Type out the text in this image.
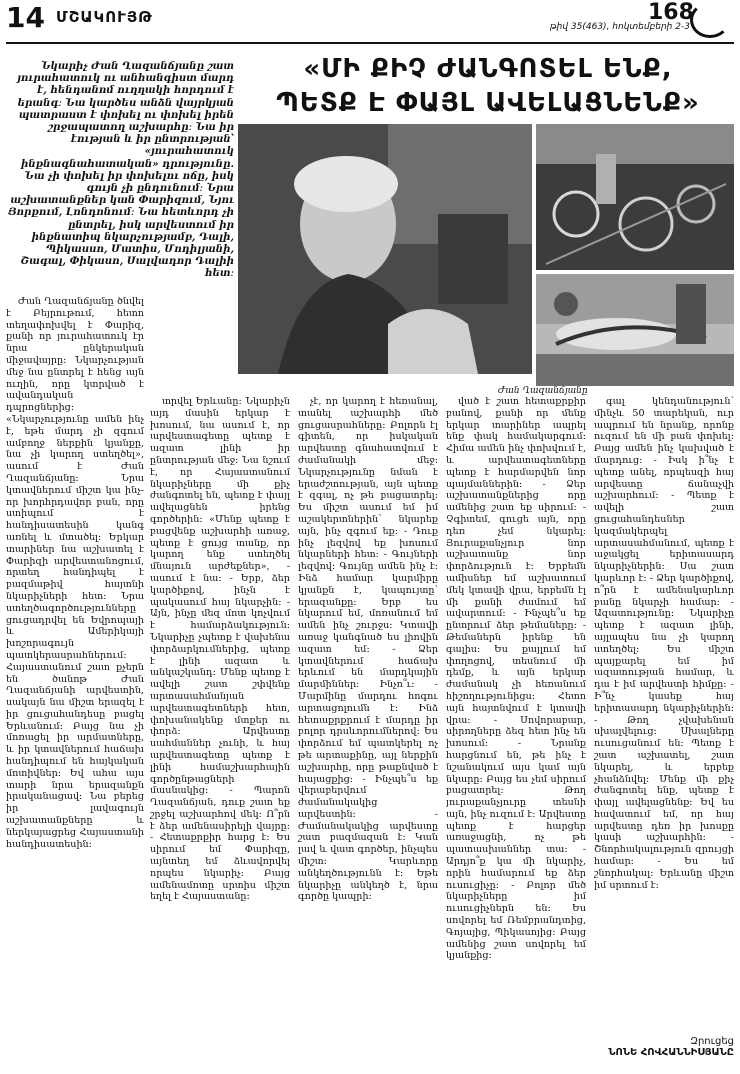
14 ՄՇԱԿՈՒՅԹ
թիվ 35(463), հոկտեմբերի 2-3
168
«ՄԻ ՔԻՉ ԺԱՆԳՈՏԵԼ ԵՆՔ,
ՊԵՏՔ Է ՓԱՅԼ ԱՎԵԼԱՑՆԵՆՔ»
Նկարիչ Ժան Ղազանճյանը շատ յուրահատուկ ու անհանգիստ մարդ է, հենդանոմ ուղղակի հորդում է երանգ։ Նա կարծես անձն վայրկյան պատրաստ է փոխել ու փոխել իրեն շրջապատող աշխարհը։ Նա իր էության և իր ընտրության՝ «յուրահատուկ ինքնագնահատական» դրությունը. Նա չի փոխել իր փոխելու ոճը, իսկ գույն չի ընդունում։ Նրա աշխատանքներ կան Փարիզում, Նյու Յորքում, Լոնդոնում։ Նա հետևորդ չի ընտրել, իսկ արվեստում իր ինքնատիպ նկարչությամբ, Դալի, Պիկասսո, Մատիս, Մոդիլյանի, Շագալ, Փիկասո, Սալվադոր Դալիի հետ։
Ժան Ղազանճյանը

Ժան Ղազանճյանը ծնվել է Բեյրութում, հետո տեղափոխվել է Փարիզ, քանի որ յուրահատուկ էր նրա ընկերական միջավայրը։ Նկարչության մեջ նա ընտրել է հենց այն ուղին, որը կտրված է ավանդական դպրոցներից։ «Նկարչությունը ամեն ինչ է, եթե մարդ չի զգում ամբողջ ներքին կյանքը, նա չի կարող ստեղծել», ասում է Ժան Ղազանճյանը։ Նրա կտավներում միշտ կա ինչ-որ խորհրդավոր բան, որը ստիպում է հանդիսատեսին կանգ առնել և մտածել։ Երկար տարիներ նա աշխատել է Փարիզի արվեստանոցում, որտեղ հանդիպել է բազմաթիվ հայտնի նկարիչների հետ։ Նրա ստեղծագործությունները ցուցադրվել են Եվրոպայի և Ամերիկայի խոշորագույն պատկերասրահներում։ Հայաստանում շատ քչերն են ծանոթ Ժան Ղազանճյանի արվեստին, սակայն նա միշտ երազել է իր ցուցահանդեսը բացել Երևանում։ Բայց նա չի մոռացել իր արմատները, և իր կտավներում հաճախ հանդիպում են հայկական մոտիվներ։ Եվ ահա այս տարի նրա երազանքն իրականացավ։ Նա բերեց իր լավագույն աշխատանքները և ներկայացրեց Հայաստանի հանդիսատեսին։

տրվել Երևանը։ Նկարիչն այդ մասին երկար է խոսում, նա ասում է, որ արվեստագետը պետք է ազատ լինի իր ընտրության մեջ։ Նա նշում է, որ Հայաստանում նկարիչները մի քիչ ժանգոտել են, պետք է փայլ ավելացնեն իրենց գործերին։ «Մենք պետք է բացվենք աշխարհի առաջ, պետք է ցույց տանք, որ կարող ենք ստեղծել մնայուն արժեքներ», - ասում է նա։ - Երբ, ձեր կարծիքով, ինչն է պակասում հայ նկարչին։ - Այն, ինչը մեզ մոտ կոչվում է համարձակություն։ Նկարիչը չպետք է վախենա փորձարկումներից, պետք է լինի ազատ և անկաշկանդ։ Մենք պետք է ավելի շատ շփվենք արտասահմանյան արվեստագետների հետ, փոխանակենք մտքեր ու փորձ։ Արվեստը սահմաններ չունի, և հայ արվեստագետը պետք է լինի համաշխարհային գործընթացների մասնակից։ - Պարոն Ղազանճյան, դուք շատ եք շրջել աշխարհով մեկ։ Ո՞րն է ձեր ամենասիրելի վայրը։ - Հետաքրքիր հարց է։ Ես սիրում եմ Փարիզը, այնտեղ եմ ձևավորվել որպես նկարիչ։ Բայց ամենամոտը սրտիս միշտ եղել է Հայաստանը։

չէ, որ կարող է հեռանալ, տանել աշխարհի մեծ ցուցասրահները։ Բոլորն էլ գիտեն, որ իսկական արվեստը գնահատվում է ժամանակի մեջ։ Նկարչությունը նման է երաժշտության, այն պետք է զգալ, ոչ թե բացատրել։ Ես միշտ ասում եմ իմ աշակերտներին՝ նկարեք այն, ինչ զգում եք։ - Դուք ինչ լեզվով եք խոսում նկարների հետ։ - Գույների լեզվով։ Գույնը ամեն ինչ է։ Ինձ համար կարմիրը կյանքն է, կապույտը՝ երազանքը։ Երբ ես նկարում եմ, մոռանում եմ ամեն ինչ շուրջս։ Կտավի առաջ կանգնած ես լիովին ազատ եմ։ - Ձեր կտավներում հաճախ երևում են մարդկային մարմիններ։ Ինչո՞ւ։ - Մարմինը մարդու հոգու արտացոլումն է։ Ինձ հետաքրքրում է մարդը իր բոլոր դրսևորումներով։ Ես փորձում եմ պատկերել ոչ թե արտաքինը, այլ ներքին աշխարհը, որը թաքնված է հայացքից։ - Ինչպե՞ս եք վերաբերվում ժամանակակից արվեստին։ - Ժամանակակից արվեստը շատ բազմազան է։ Կան լավ և վատ գործեր, ինչպես միշտ։ Կարևորը անկեղծությունն է։ Եթե նկարիչը անկեղծ է, նրա գործը կապրի։

ված է շատ հետաքրքիր բանով, քանի որ մենք երկար տարիներ ապրել ենք փակ համակարգում։ Հիմա ամեն ինչ փոխվում է, և արվեստագետները պետք է հարմարվեն նոր պայմաններին։ - Ձեր աշխատանքներից որը ամենից շատ եք սիրում։ - Չգիտեմ, գուցե այն, որը դեռ չեմ նկարել։ Յուրաքանչյուր նոր աշխատանք նոր փորձություն է։ Երբեմն ամիսներ եմ աշխատում մեկ կտավի վրա, երբեմն էլ մի քանի ժամում եմ ավարտում։ - Ինչպե՞ս եք ընտրում ձեր թեմաները։ - Թեմաներն իրենք են գալիս։ Ես քայլում եմ փողոցով, տեսնում մի դեմք, և այն երկար ժամանակ չի հեռանում հիշողությունիցս։ Հետո այն հայտնվում է կտավի վրա։ - Սովորաբար, սիրողները ձեզ հետ ինչ են խոսում։ - Նրանք հարցնում են, թե ինչ է նշանակում այս կամ այն նկարը։ Բայց ես չեմ սիրում բացատրել։ Թող յուրաքանչյուրը տեսնի այն, ինչ ուզում է։ Արվեստը պետք է հարցեր առաջացնի, ոչ թե պատասխաններ տա։ - Արդյո՞ք կա մի նկարիչ, որին համարում եք ձեր ուսուցիչը։ - Բոլոր մեծ նկարիչները իմ ուսուցիչներն են։ Ես սովորել եմ Ռեմբրանդտից, Գոյայից, Պիկասոյից։ Բայց ամենից շատ սովորել եմ կյանքից։

գալ կենդանություն՝ մինչև 50 տարեկան, ուր ապրում են նրանք, որոնք ուզում են մի բան փոխել։ Բայց ամեն ինչ կախված է մարդուց։ - Իսկ ի՞նչ է պետք անել, որպեսզի հայ արվեստը ճանաչվի աշխարհում։ - Պետք է ավելի շատ ցուցահանդեսներ կազմակերպել արտասահմանում, պետք է աջակցել երիտասարդ նկարիչներին։ Սա շատ կարևոր է։ - Ձեր կարծիքով, ո՞րն է ամենակարևոր բանը նկարչի համար։ - Ազատությունը։ Նկարիչը պետք է ազատ լինի, այլապես նա չի կարող ստեղծել։ Ես միշտ պայքարել եմ իմ ազատության համար, և դա է իմ արվեստի հիմքը։ - Ի՞նչ կասեք հայ երիտասարդ նկարիչներին։ - Թող չվախենան սխալվելուց։ Սխալները ուսուցանում են։ Պետք է շատ աշխատել, շատ նկարել, և երբեք չհանձնվել։ Մենք մի քիչ ժանգոտել ենք, պետք է փայլ ավելացնենք։ Եվ ես հավատում եմ, որ հայ արվեստը դեռ իր խոսքը կասի աշխարհին։ - Շնորհակալություն զրույցի համար։ - Ես եմ շնորհակալ։ Երևանը միշտ իմ սրտում է։

Զրուցեց
ՆՈՆԵ ՀՈՎՀԱՆՆԻՍՅԱՆԸ
